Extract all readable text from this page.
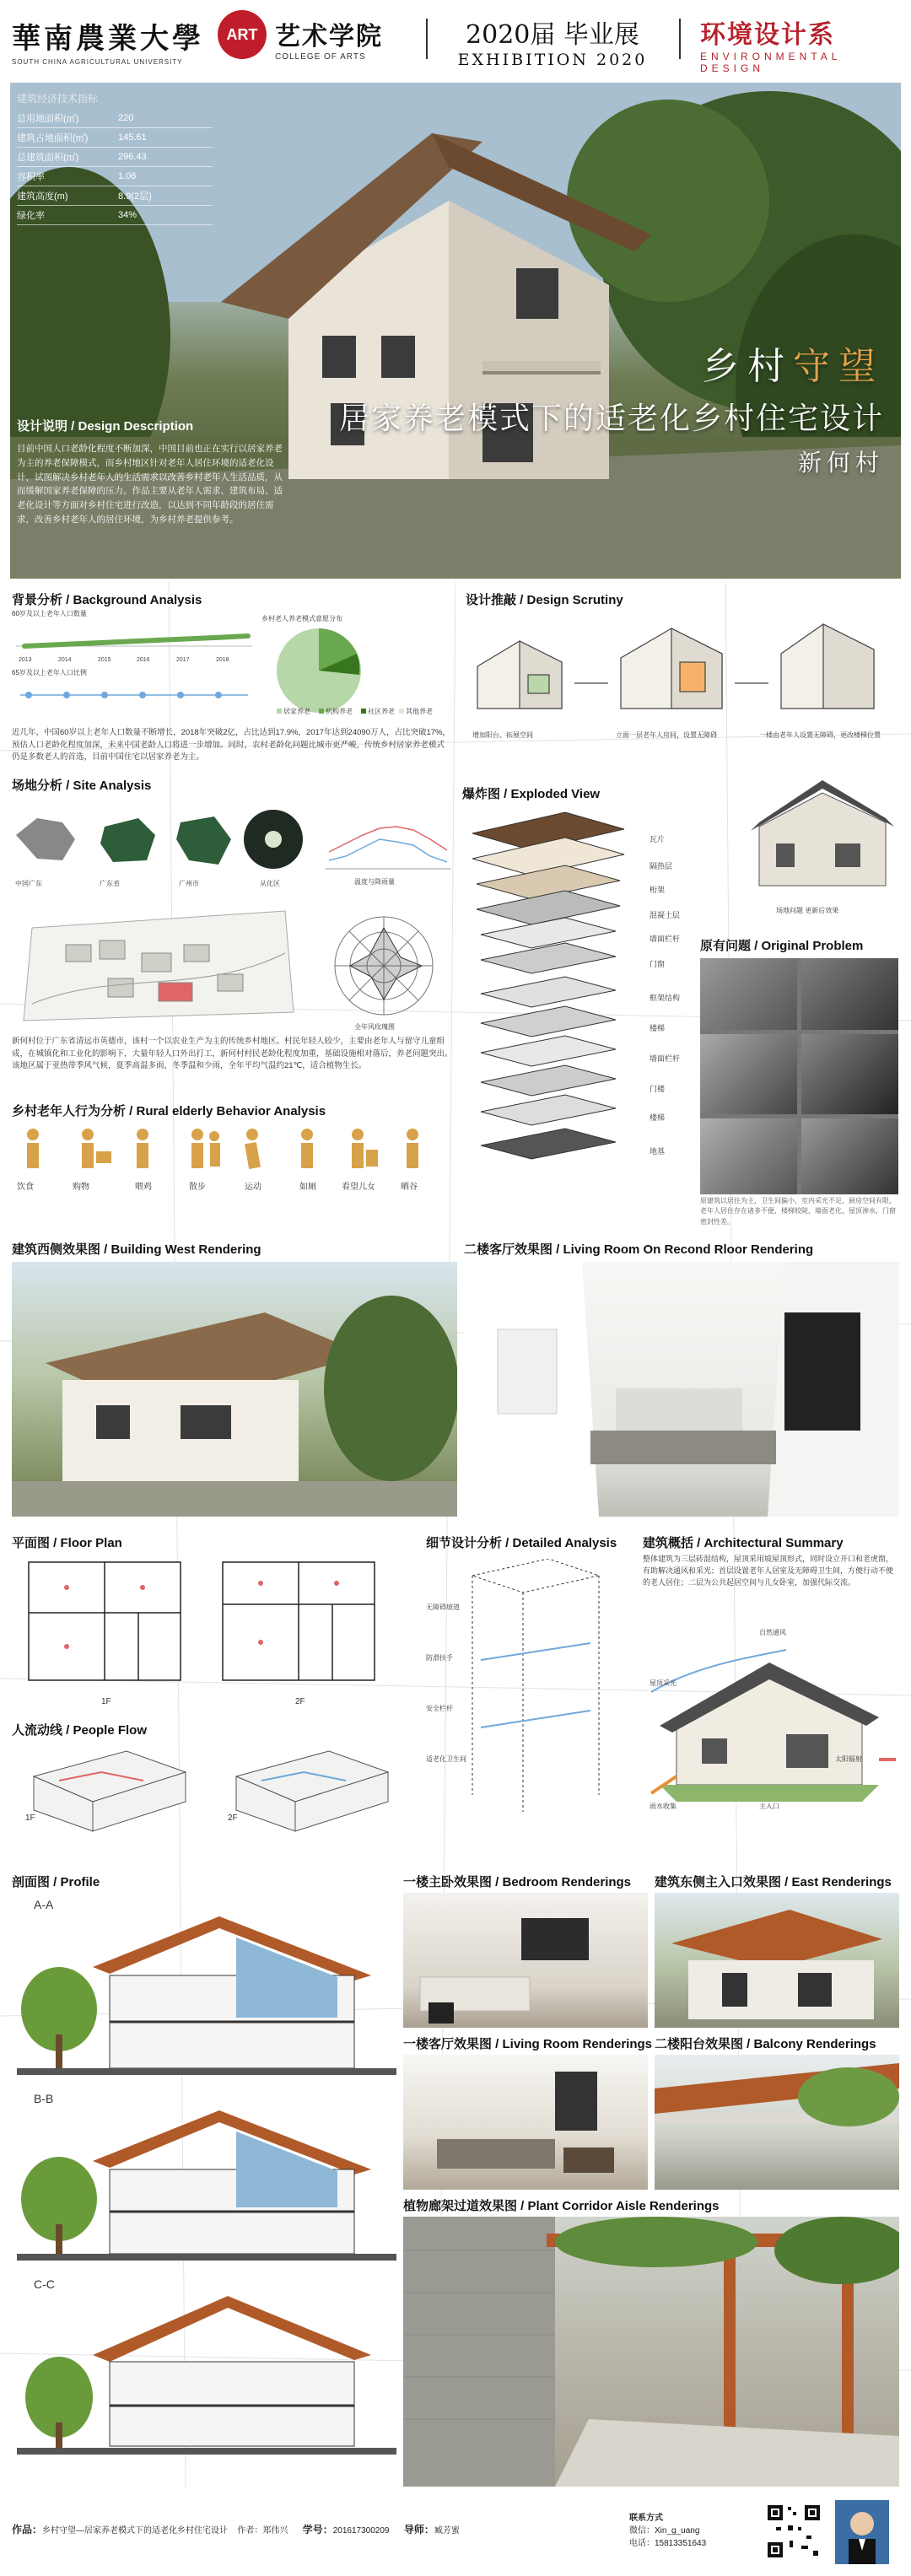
華南農業大學
SOUTH CHINA AGRICULTURAL UNIVERSITY
ART 艺术学院
COLLEGE OF ARTS
2020届 毕业展
EXHIBITION 2020
环境设计系
ENVIRONMENTAL DESIGN
建筑经济技术指标
总用地面积(㎡)	220
建筑占地面积(㎡)	145.61
总建筑面积(㎡)	296.43
容积率	1.06
建筑高度(m)	8.9(2层)
绿化率	34%
乡村守望
居家养老模式下的适老化乡村住宅设计
新何村
设计说明 / Design Description
目前中国人口老龄化程度不断加深，中国目前也正在实行以居家养老为主的养老保障模式，而乡村地区针对老年人居住环境的适老化设计，试图解决乡村老年人的生活需求以改善乡村老年人生活品质，从而缓解国家养老保障的压力。作品主要从老年人需求、建筑布局、适老化设计等方面对乡村住宅进行改造，以达到不同年龄段的居住需求，改善乡村老年人的居住环境，为乡村养老提供参考。
背景分析 / Background Analysis
60岁及以上老年人口数量
2013	2014	2015	2016	2017	2018
65岁及以上老年人口比例
乡村老人养老模式意愿分布
居家养老 机构养老 社区养老 其他养老
近几年，中国60岁以上老年人口数量不断增长，2018年突破2亿，占比达到17.9%，2017年达到24090万人，占比突破17%，预估人口老龄化程度加深，未来中国老龄人口将进一步增加。同时，农村老龄化问题比城市更严峻，传统乡村居家养老模式仍是多数老人的首选，目前中国住宅以居家养老为主。
设计推敲 / Design Scrutiny
增加阳台、拓展空间	立面一层老年人房间，设置无障碍	一楼由老年人设置无障碍，更改楼梯位置
场地分析 / Site Analysis
中国广东	广东省	广州市	从化区	温度与降雨量
全年风玫瑰图
新何村位于广东省清远市英德市，该村一个以农业生产为主的传统乡村地区。村民年轻人较少，主要由老年人与留守儿童组成，在城镇化和工业化的影响下，大量年轻人口外出打工，新何村村民老龄化程度加重，基础设施相对落后，养老问题突出。该地区属于亚热带季风气候，夏季高温多雨，冬季温和少雨，全年平均气温约21℃，适合植物生长。
乡村老年人行为分析 / Rural elderly Behavior Analysis
饮食	购物	喂鸡	散步	运动	如厕	看望儿女	晒谷
爆炸图 / Exploded View
瓦片
隔热层
桁架
混凝土层
墙面栏杆
门窗
框架结构
楼梯
墙面栏杆
门楼
楼梯
地基
场地问题 更新后效果
原有问题 / Original Problem
原建筑以居住为主，卫生间偏小，室内采光不足，厨房空间有限，老年人居住存在诸多不便，楼梯较陡，墙面老化，屋顶渗水，门窗密封性差。
建筑西侧效果图 / Building West Rendering	二楼客厅效果图 / Living Room On Recond Rloor Rendering
平面图 / Floor Plan
1F	2F
人流动线 / People Flow
1F	2F
细节设计分析 / Detailed Analysis
无障碍坡道
防滑扶手
安全栏杆
适老化卫生间
建筑概括 / Architectural Summary
整体建筑为三层砖混结构，屋顶采用坡屋顶形式，同时设立开口和老虎窗，有助解决通风和采光；首层设置老年人居室及无障碍卫生间，方便行动不便的老人居住；二层为公共起居空间与儿女卧室，加强代际交流。
自然通风
屋顶采光
太阳辐射
主入口
雨水收集
剖面图 / Profile
A-A
B-B
C-C
一楼主卧效果图 / Bedroom Renderings 建筑东侧主入口效果图 / East Renderings
一楼客厅效果图 / Living Room Renderings 二楼阳台效果图 / Balcony Renderings
植物廊架过道效果图 / Plant Corridor Aisle Renderings
作品：乡村守望—居家养老模式下的适老化乡村住宅设计 作者：郑伟兴 学号：201617300209 导师：臧芳蜜
联系方式
微信：Xin_g_uang
电话：15813351643
